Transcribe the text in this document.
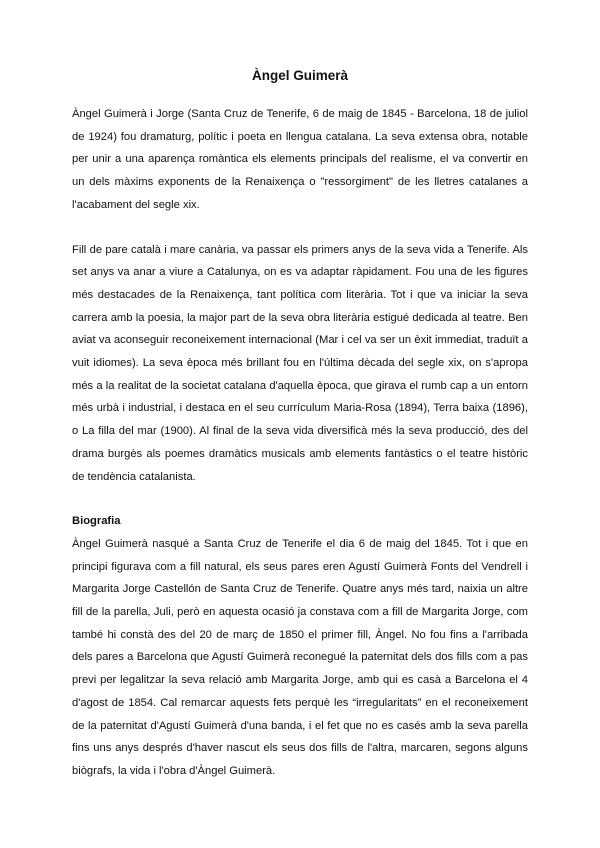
Àngel Guimerà

Àngel Guimerà i Jorge (Santa Cruz de Tenerife, 6 de maig de 1845 - Barcelona, 18 de juliol de 1924) fou dramaturg, polític i poeta en llengua catalana. La seva extensa obra, notable per unir a una aparença romàntica els elements principals del realisme, el va convertir en un dels màxims exponents de la Renaixença o "ressorgiment" de les lletres catalanes a l'acabament del segle xix.

Fill de pare català i mare canària, va passar els primers anys de la seva vida a Tenerife. Als set anys va anar a viure a Catalunya, on es va adaptar ràpidament. Fou una de les figures més destacades de la Renaixença, tant política com literària. Tot i que va iniciar la seva carrera amb la poesia, la major part de la seva obra literària estigué dedicada al teatre. Ben aviat va aconseguir reconeixement internacional (Mar i cel va ser un èxit immediat, traduït a vuit idiomes). La seva època més brillant fou en l'última dècada del segle xix, on s'apropa més a la realitat de la societat catalana d'aquella època, que girava el rumb cap a un entorn més urbà i industrial, i destaca en el seu currículum Maria-Rosa (1894), Terra baixa (1896), o La filla del mar (1900). Al final de la seva vida diversificà més la seva producció, des del drama burgès als poemes dramàtics musicals amb elements fantàstics o el teatre històric de tendència catalanista.

Biografia

Àngel Guimerà nasqué a Santa Cruz de Tenerife el dia 6 de maig del 1845. Tot i que en principi figurava com a fill natural, els seus pares eren Agustí Guimerà Fonts del Vendrell i Margarita Jorge Castellón de Santa Cruz de Tenerife. Quatre anys més tard, naixia un altre fill de la parella, Juli, però en aquesta ocasió ja constava com a fill de Margarita Jorge, com també hi constà des del 20 de març de 1850 el primer fill, Àngel. No fou fins a l'arribada dels pares a Barcelona que Agustí Guimerà reconegué la paternitat dels dos fills com a pas previ per legalitzar la seva relació amb Margarita Jorge, amb qui es casà a Barcelona el 4 d'agost de 1854. Cal remarcar aquests fets perquè les “irregularitats” en el reconeixement de la paternitat d'Agustí Guimerà d'una banda, i el fet que no es casés amb la seva parella fins uns anys després d'haver nascut els seus dos fills de l'altra, marcaren, segons alguns biògrafs, la vida i l'obra d'Àngel Guimerà.
